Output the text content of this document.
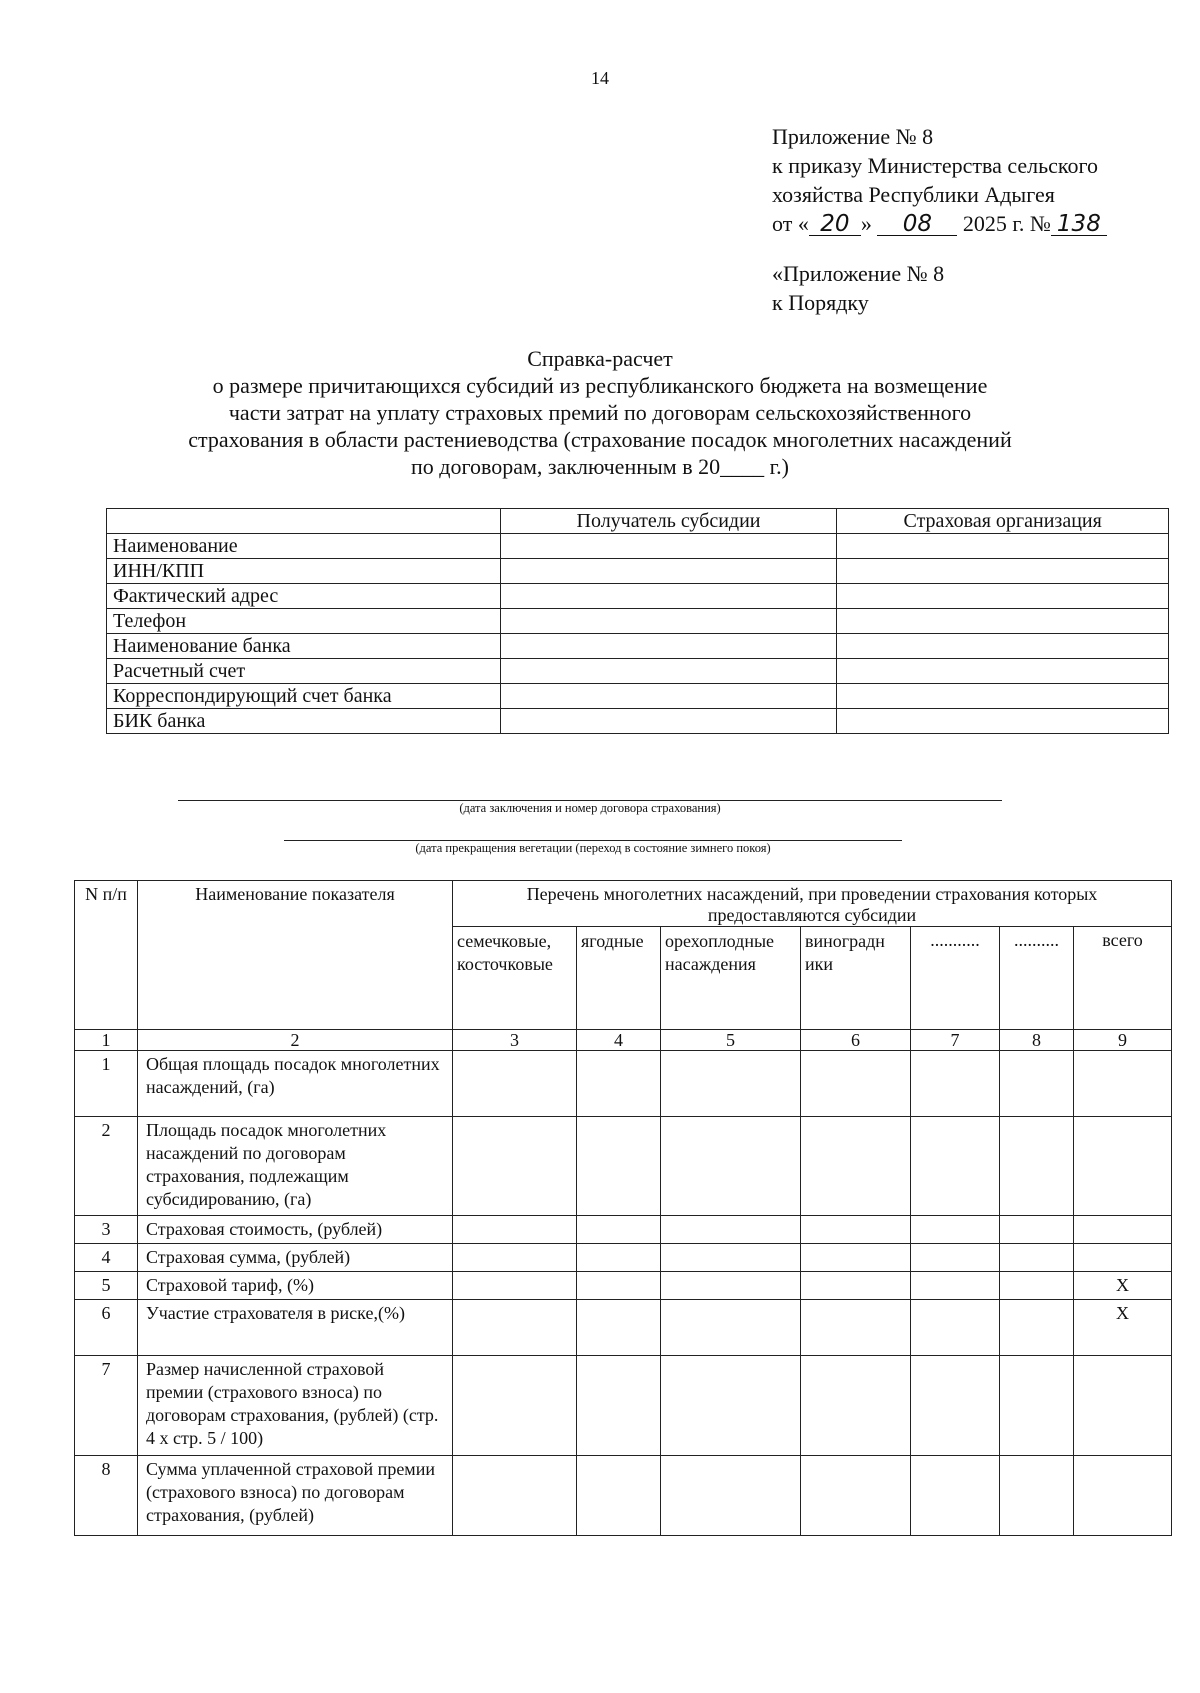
14
Приложение № 8
к приказу Министерства сельского
хозяйства Республики Адыгея
от « 20 » 08 2025 г. № 138
«Приложение № 8
к Порядку
Справка-расчет
о размере причитающихся субсидий из республиканского бюджета на возмещение
части затрат на уплату страховых премий по договорам сельскохозяйственного
страхования в области растениеводства (страхование посадок многолетних насаждений
по договорам, заключенным в 20____ г.)
	Получатель субсидии	Страховая организация
Наименование		
ИНН/КПП		
Фактический адрес		
Телефон		
Наименование банка		
Расчетный счет		
Корреспондирующий счет банка		
БИК банка		
(дата заключения и номер договора страхования)
(дата прекращения вегетации (переход в состояние зимнего покоя)
N п/п	Наименование показателя	Перечень многолетних насаждений, при проведении страхования которых предоставляются субсидии						
		семечковые, косточковые	ягодные	орехоплодные насаждения	виноградн ики	...........	..........	всего
1	2	3	4	5	6	7	8	9
1	Общая площадь посадок многолетних насаждений, (га)							
2	Площадь посадок многолетних насаждений по договорам страхования, подлежащим субсидированию, (га)							
3	Страховая стоимость, (рублей)							
4	Страховая сумма, (рублей)							
5	Страховой тариф, (%)							X
6	Участие страхователя в риске,(%)							X
7	Размер начисленной страховой премии (страхового взноса) по договорам страхования, (рублей) (стр. 4 х стр. 5 / 100)							
8	Сумма уплаченной страховой премии (страхового взноса) по договорам страхования, (рублей)							
